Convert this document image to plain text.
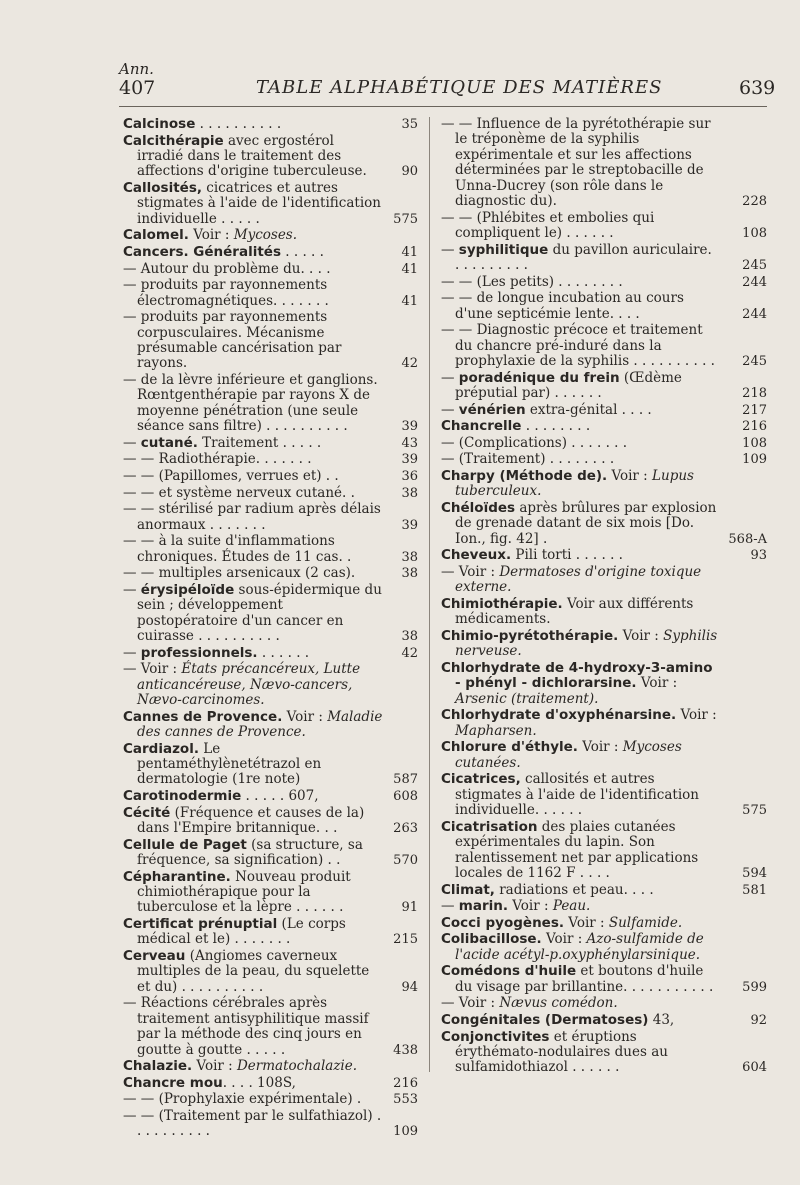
Ann.
407	TABLE ALPHABÉTIQUE DES MATIÈRES	639
Calcinose . . . . . . . . . .	35
Calcithérapie avec ergostérol irradié dans le traitement des affections d'origine tuberculeuse.	90
Callosités, cicatrices et autres stigmates à l'aide de l'identification individuelle . . . . .	575
Calomel. Voir : Mycoses.
Cancers. Généralités . . . . .	41
— Autour du problème du. . . .	41
— produits par rayonnements électromagnétiques. . . . . . .	41
— produits par rayonnements corpusculaires. Mécanisme présumable cancérisation par rayons.	42
— de la lèvre inférieure et ganglions. Rœntgenthérapie par rayons X de moyenne pénétration (une seule séance sans filtre) . . . . . . . . . .	39
— cutané. Traitement . . . . .	43
— — Radiothérapie. . . . . . .	39
— — (Papillomes, verrues et) . .	36
— — et système nerveux cutané. .	38
— — stérilisé par radium après délais anormaux . . . . . . .	39
— — à la suite d'inflammations chroniques. Études de 11 cas. .	38
— — multiples arsenicaux (2 cas).	38
— érysipéloïde sous-épidermique du sein ; développement postopératoire d'un cancer en cuirasse . . . . . . . . . .	38
— professionnels. . . . . . .	42
— Voir : États précancéreux, Lutte anticancéreuse, Nævo-cancers, Nævo-carcinomes.
Cannes de Provence. Voir : Maladie des cannes de Provence.
Cardiazol. Le pentaméthylènetétrazol en dermatologie (1re note)	587
Carotinodermie . . . . . 607,	608
Cécité (Fréquence et causes de la) dans l'Empire britannique. . .	263
Cellule de Paget (sa structure, sa fréquence, sa signification) . .	570
Cépharantine. Nouveau produit chimiothérapique pour la tuberculose et la lèpre . . . . . .	91
Certificat prénuptial (Le corps médical et le) . . . . . . .	215
Cerveau (Angiomes caverneux multiples de la peau, du squelette et du) . . . . . . . . . .	94
— Réactions cérébrales après traitement antisyphilitique massif par la méthode des cinq jours en goutte à goutte . . . . .	438
Chalazie. Voir : Dermatochalazie.
Chancre mou. . . . 108S,	216
— — (Prophylaxie expérimentale) . 553
— — (Traitement par le sulfathiazol) . . . . . . . . . .	109
— — Influence de la pyrétothérapie sur le tréponème de la syphilis expérimentale et sur les affections déterminées par le streptobacille de Unna-Ducrey (son rôle dans le diagnostic du).	228
— — (Phlébites et embolies qui compliquent le) . . . . . .	108
— syphilitique du pavillon auriculaire. . . . . . . . . .	245
— — (Les petits) . . . . . . . .	244
— — de longue incubation au cours d'une septicémie lente. . . .	244
— — Diagnostic précoce et traitement du chancre pré-induré dans la prophylaxie de la syphilis . . . . . . . . . . 245
— poradénique du frein (Œdème préputial par) . . . . . .	218
— vénérien extra-génital . . . .	217
Chancrelle . . . . . . . .	216
— (Complications) . . . . . . .	108
— (Traitement) . . . . . . . .	109
Charpy (Méthode de). Voir : Lupus tuberculeux.
Chéloïdes après brûlures par explosion de grenade datant de six mois [Do. Ion., fig. 42] .	568-A
Cheveux. Pili torti . . . . . .	93
— Voir : Dermatoses d'origine toxique externe.
Chimiothérapie. Voir aux différents médicaments.
Chimio-pyrétothérapie. Voir : Syphilis nerveuse.
Chlorhydrate de 4-hydroxy-3-amino - phényl - dichlorarsine. Voir : Arsenic (traitement).
Chlorhydrate d'oxyphénarsine. Voir : Mapharsen.
Chlorure d'éthyle. Voir : Mycoses cutanées.
Cicatrices, callosités et autres stigmates à l'aide de l'identification individuelle. . . . . .	575
Cicatrisation des plaies cutanées expérimentales du lapin. Son ralentissement net par applications locales de 1162 F . . . .	594
Climat, radiations et peau. . . .	581
— marin. Voir : Peau.
Cocci pyogènes. Voir : Sulfamide.
Colibacillose. Voir : Azo-sulfamide de l'acide acétyl-p.oxyphénylarsinique.
Comédons d'huile et boutons d'huile du visage par brillantine. . . . . . . . . . . 599
— Voir : Nævus comédon.
Congénitales (Dermatoses) 43,	92
Conjonctivites et éruptions érythémato-nodulaires dues au sulfamidothiazol . . . . . .	604
